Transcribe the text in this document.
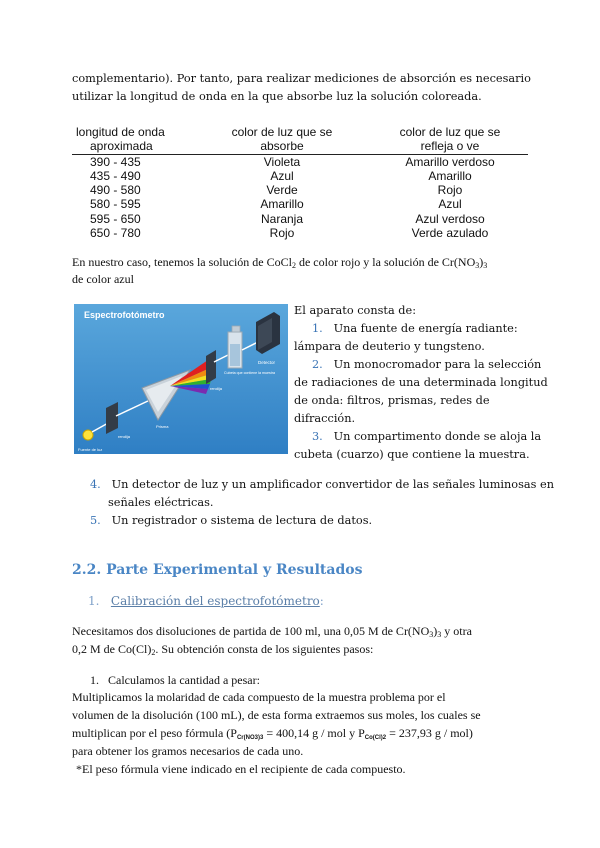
complementario). Por tanto, para realizar mediciones de absorción es necesario
utilizar la longitud de onda en la que absorbe luz la solución coloreada.
longitud de onda	color de luz que se	color de luz que se
aproximada	absorbe	refleja o ve
390 - 435	Violeta	Amarillo verdoso
435 - 490	Azul	Amarillo
490 - 580	Verde	Rojo
580 - 595	Amarillo	Azul
595 - 650	Naranja	Azul verdoso
650 - 780	Rojo	Verde azulado
En nuestro caso, tenemos la solución de CoCl$_2$ de color rojo y la solución de $Cr(NO_3)_3$
de color azul
Espectrofotómetro
Fuente de luz
rendija
Prisma
rendija
Cubeta que contiene la muestra
Detector
El aparato consta de:
1. Una fuente de energía radiante:
lámpara de deuterio y tungsteno.
2. Un monocromador para la selección
de radiaciones de una determinada longitud
de onda: filtros, prismas, redes de
difracción.
3. Un compartimento donde se aloja la
cubeta (cuarzo) que contiene la muestra.
4. Un detector de luz y un amplificador convertidor de las señales luminosas en
señales eléctricas.
5. Un registrador o sistema de lectura de datos.
2.2. Parte Experimental y Resultados
1. Calibración del espectrofotómetro:
Necesitamos dos disoluciones de partida de 100 ml, una 0,05 M de $Cr(NO_3)_3$ y otra
0,2 M de $Co(Cl)_2$. Su obtención consta de los siguientes pasos:
1. Calculamos la cantidad a pesar:
Multiplicamos la molaridad de cada compuesto de la muestra problema por el
volumen de la disolución (100 mL), de esta forma extraemos sus moles, los cuales se
multiplican por el peso fórmula (PCr(NO3)3 = 400,14 g / mol y PCo(Cl)2 = 237,93 g / mol)
para obtener los gramos necesarios de cada uno.
*El peso fórmula viene indicado en el recipiente de cada compuesto.
